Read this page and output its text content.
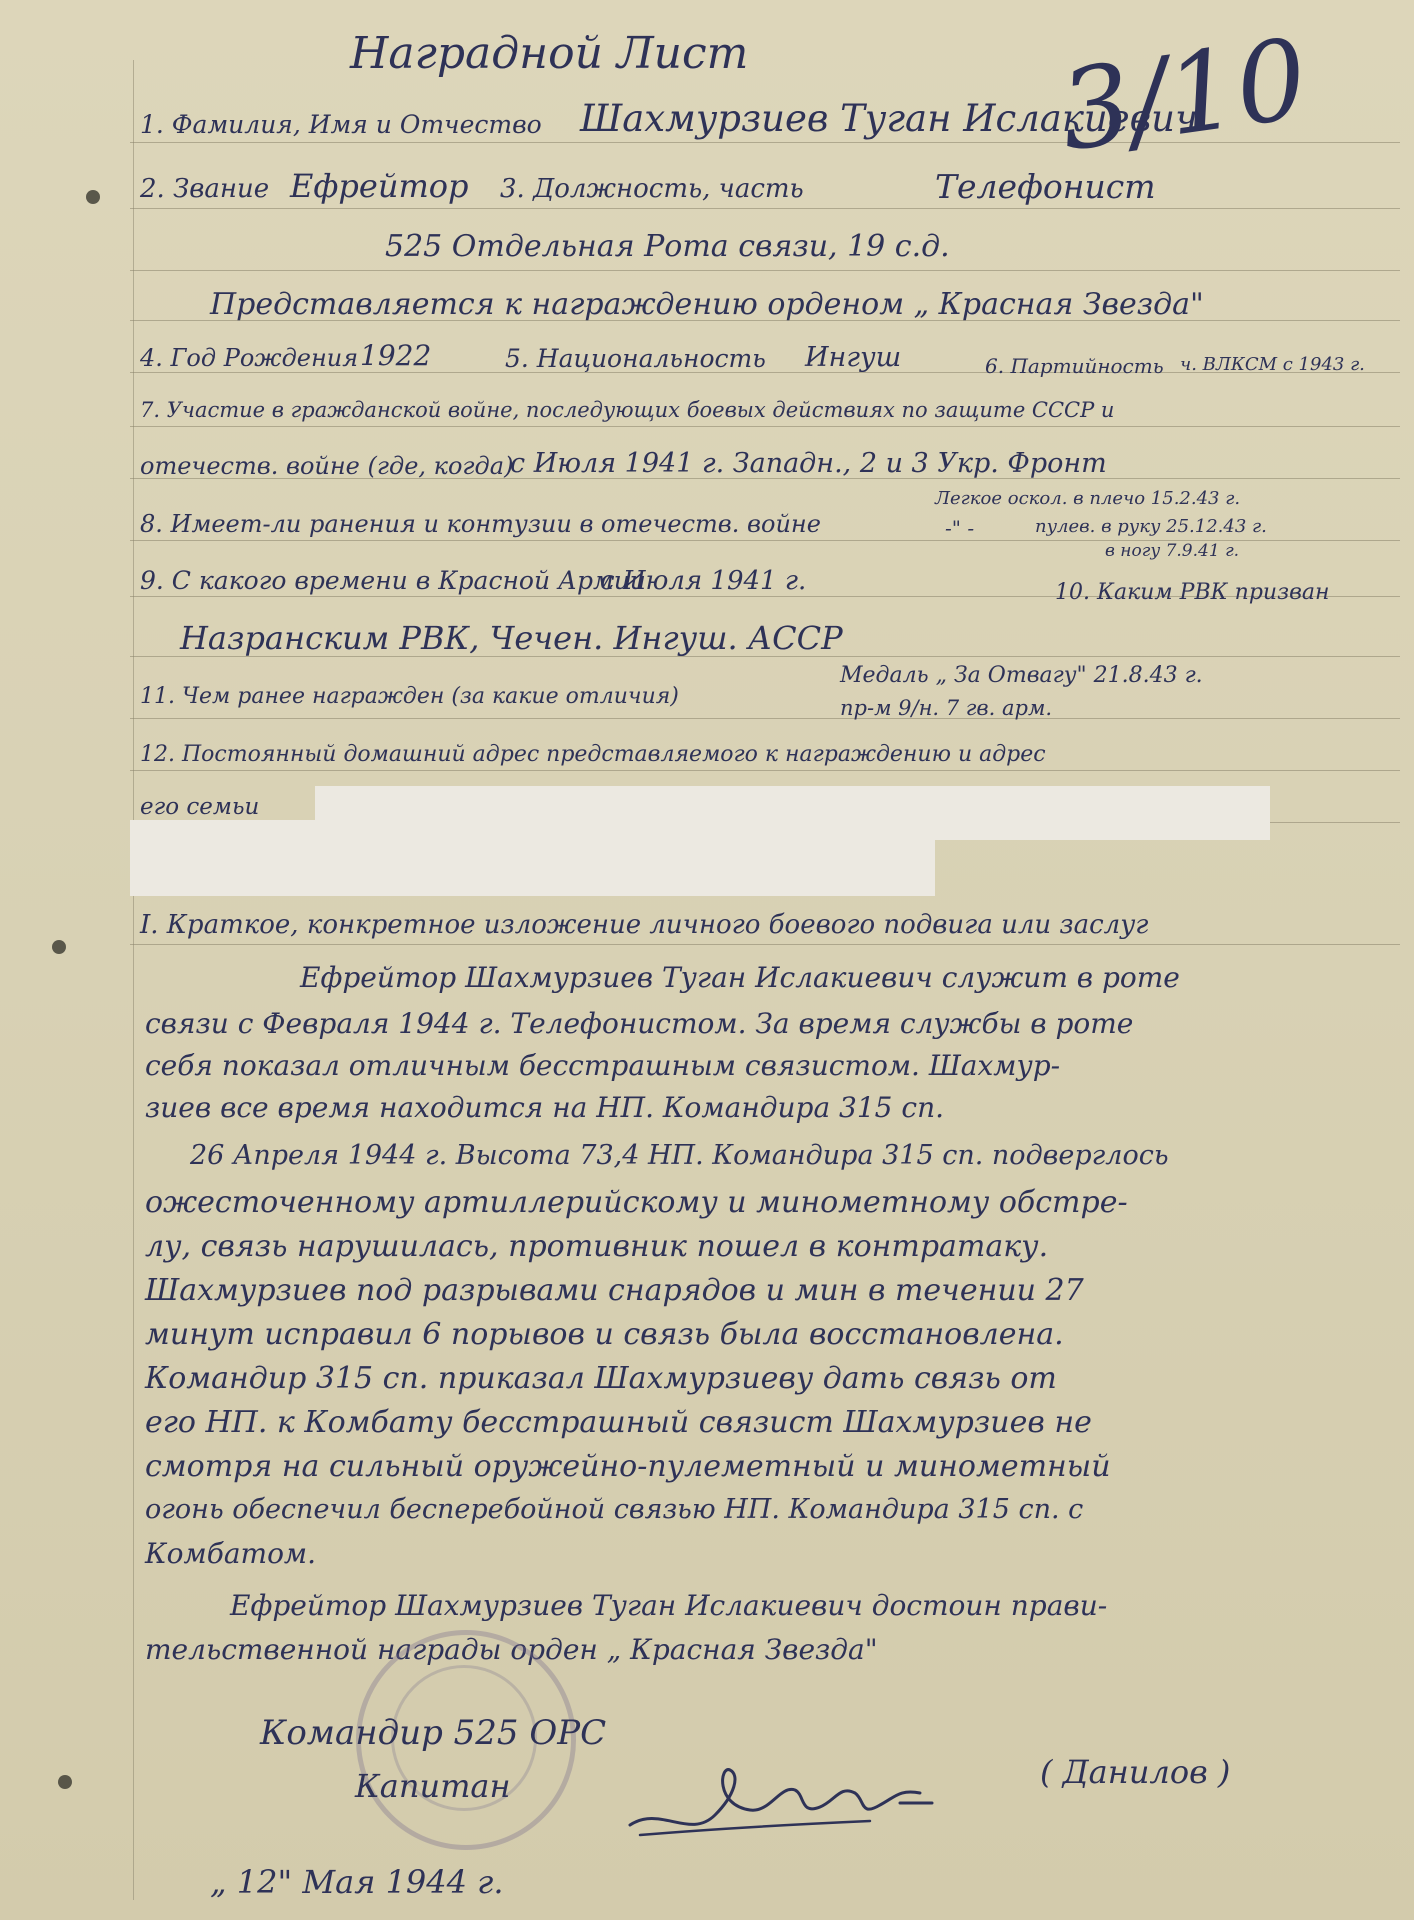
Наградной Лист	3/10
1. Фамилия, Имя и Отчество Шахмурзиев Туган Ислакиевич
2. Звание Ефрейтор 3. Должность, часть	Телефонист
525 Отдельная Рота связи, 19 с.д.
Представляется к награждению орденом „ Красная Звезда"
4. Год Рождения 1922	5. Национальность Ингуш	6. Партийность ч. ВЛКСМ с 1943 г.
7. Участие в гражданской войне, последующих боевых действиях по защите СССР и
отечеств. войне (где, когда)
с Июля 1941 г. Западн., 2 и 3 Укр. Фронт
8. Имеет-ли ранения и контузии в отечеств. войне	-" -
Легкое оскол. в плечо 15.2.43 г.
пулев. в руку 25.12.43 г.
в ногу 7.9.41 г.
9. С какого времени в Красной Армии
с Июля 1941 г.	10. Каким РВК призван
Назранским РВК, Чечен. Ингуш. АССР
11. Чем ранее награжден (за какие отличия)
Медаль „ За Отвагу" 21.8.43 г.
пр-м 9/н. 7 гв. арм.
12. Постоянный домашний адрес представляемого к награждению и адрес
его семьи
I. Краткое, конкретное изложение личного боевого подвига или заслуг
Ефрейтор Шахмурзиев Туган Ислакиевич служит в роте
связи с Февраля 1944 г. Телефонистом. За время службы в роте
себя показал отличным бесстрашным связистом. Шахмур-
зиев все время находится на НП. Командира 315 сп.
26 Апреля 1944 г. Высота 73,4 НП. Командира 315 сп. подверглось
ожесточенному артиллерийскому и минометному обстре-
лу, связь нарушилась, противник пошел в контратаку.
Шахмурзиев под разрывами снарядов и мин в течении 27
минут исправил 6 порывов и связь была восстановлена.
Командир 315 сп. приказал Шахмурзиеву дать связь от
его НП. к Комбату бесстрашный связист Шахмурзиев не
смотря на сильный оружейно-пулеметный и минометный
огонь обеспечил бесперебойной связью НП. Командира 315 сп. с
Комбатом.
Ефрейтор Шахмурзиев Туган Ислакиевич достоин прави-
тельственной награды орден „ Красная Звезда"
Командир 525 ОРС
Капитан	( Данилов )
„ 12" Мая 1944 г.
